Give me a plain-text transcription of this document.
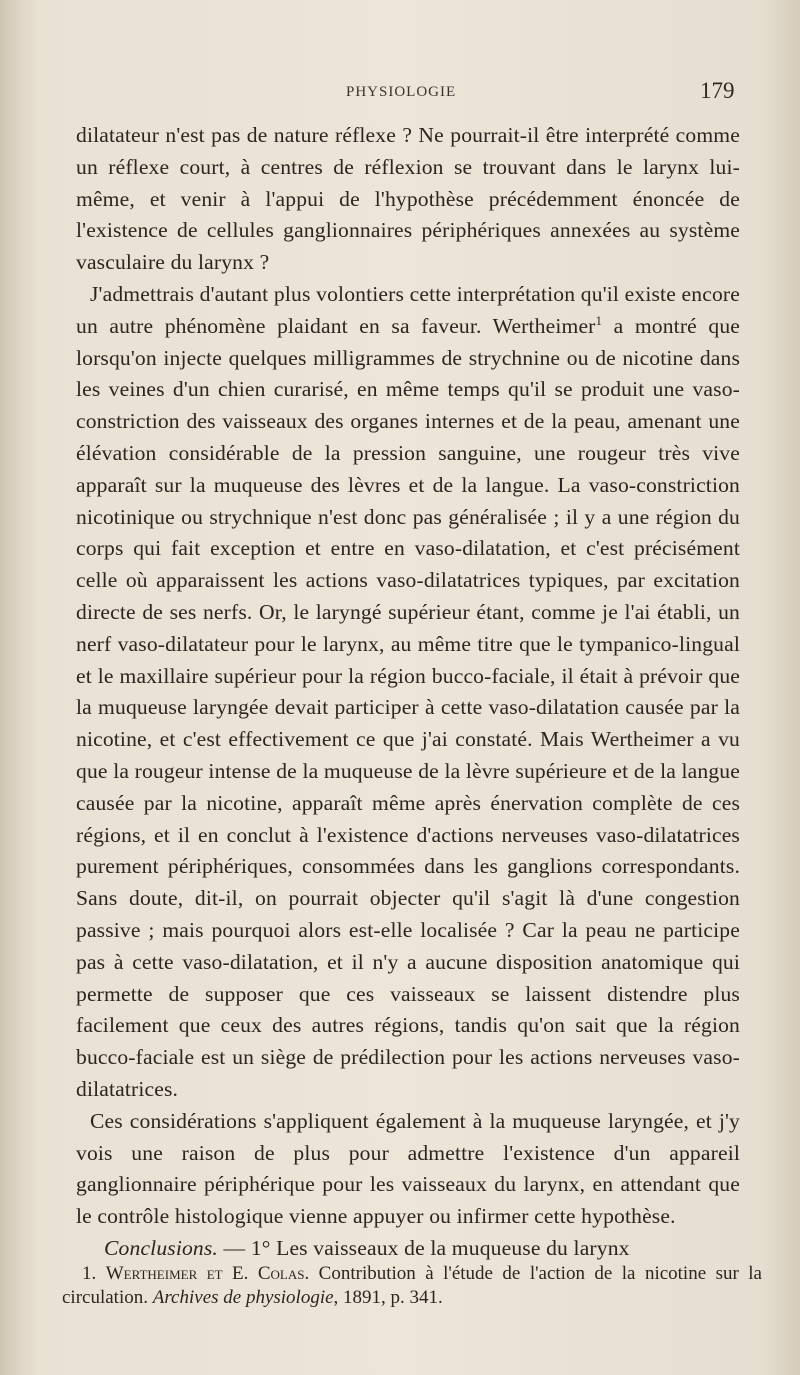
PHYSIOLOGIE	179

dilatateur n'est pas de nature réflexe ? Ne pourrait-il être interprété comme un réflexe court, à centres de réflexion se trouvant dans le larynx lui-même, et venir à l'appui de l'hypothèse précédemment énoncée de l'existence de cellules ganglionnaires périphériques annexées au système vasculaire du larynx ?

J'admettrais d'autant plus volontiers cette interprétation qu'il existe encore un autre phénomène plaidant en sa faveur. Wertheimer$^1$ a montré que lorsqu'on injecte quelques milligrammes de strychnine ou de nicotine dans les veines d'un chien curarisé, en même temps qu'il se produit une vaso-constriction des vaisseaux des organes internes et de la peau, amenant une élévation considérable de la pression sanguine, une rougeur très vive apparaît sur la muqueuse des lèvres et de la langue. La vaso-constriction nicotinique ou strychnique n'est donc pas généralisée ; il y a une région du corps qui fait exception et entre en vaso-dilatation, et c'est précisément celle où apparaissent les actions vaso-dilatatrices typiques, par excitation directe de ses nerfs. Or, le laryngé supérieur étant, comme je l'ai établi, un nerf vaso-dilatateur pour le larynx, au même titre que le tympanico-lingual et le maxillaire supérieur pour la région bucco-faciale, il était à prévoir que la muqueuse laryngée devait participer à cette vaso-dilatation causée par la nicotine, et c'est effectivement ce que j'ai constaté. Mais Wertheimer a vu que la rougeur intense de la muqueuse de la lèvre supérieure et de la langue causée par la nicotine, apparaît même après énervation complète de ces régions, et il en conclut à l'existence d'actions nerveuses vaso-dilatatrices purement périphériques, consommées dans les ganglions correspondants. Sans doute, dit-il, on pourrait objecter qu'il s'agit là d'une congestion passive ; mais pourquoi alors est-elle localisée ? Car la peau ne participe pas à cette vaso-dilatation, et il n'y a aucune disposition anatomique qui permette de supposer que ces vaisseaux se laissent distendre plus facilement que ceux des autres régions, tandis qu'on sait que la région bucco-faciale est un siège de prédilection pour les actions nerveuses vaso-dilatatrices.

Ces considérations s'appliquent également à la muqueuse laryngée, et j'y vois une raison de plus pour admettre l'existence d'un appareil ganglionnaire périphérique pour les vaisseaux du larynx, en attendant que le contrôle histologique vienne appuyer ou infirmer cette hypothèse.

Conclusions. — 1° Les vaisseaux de la muqueuse du larynx

1. Wertheimer et E. Colas. Contribution à l'étude de l'action de la nicotine sur la circulation. Archives de physiologie, 1891, p. 341.
